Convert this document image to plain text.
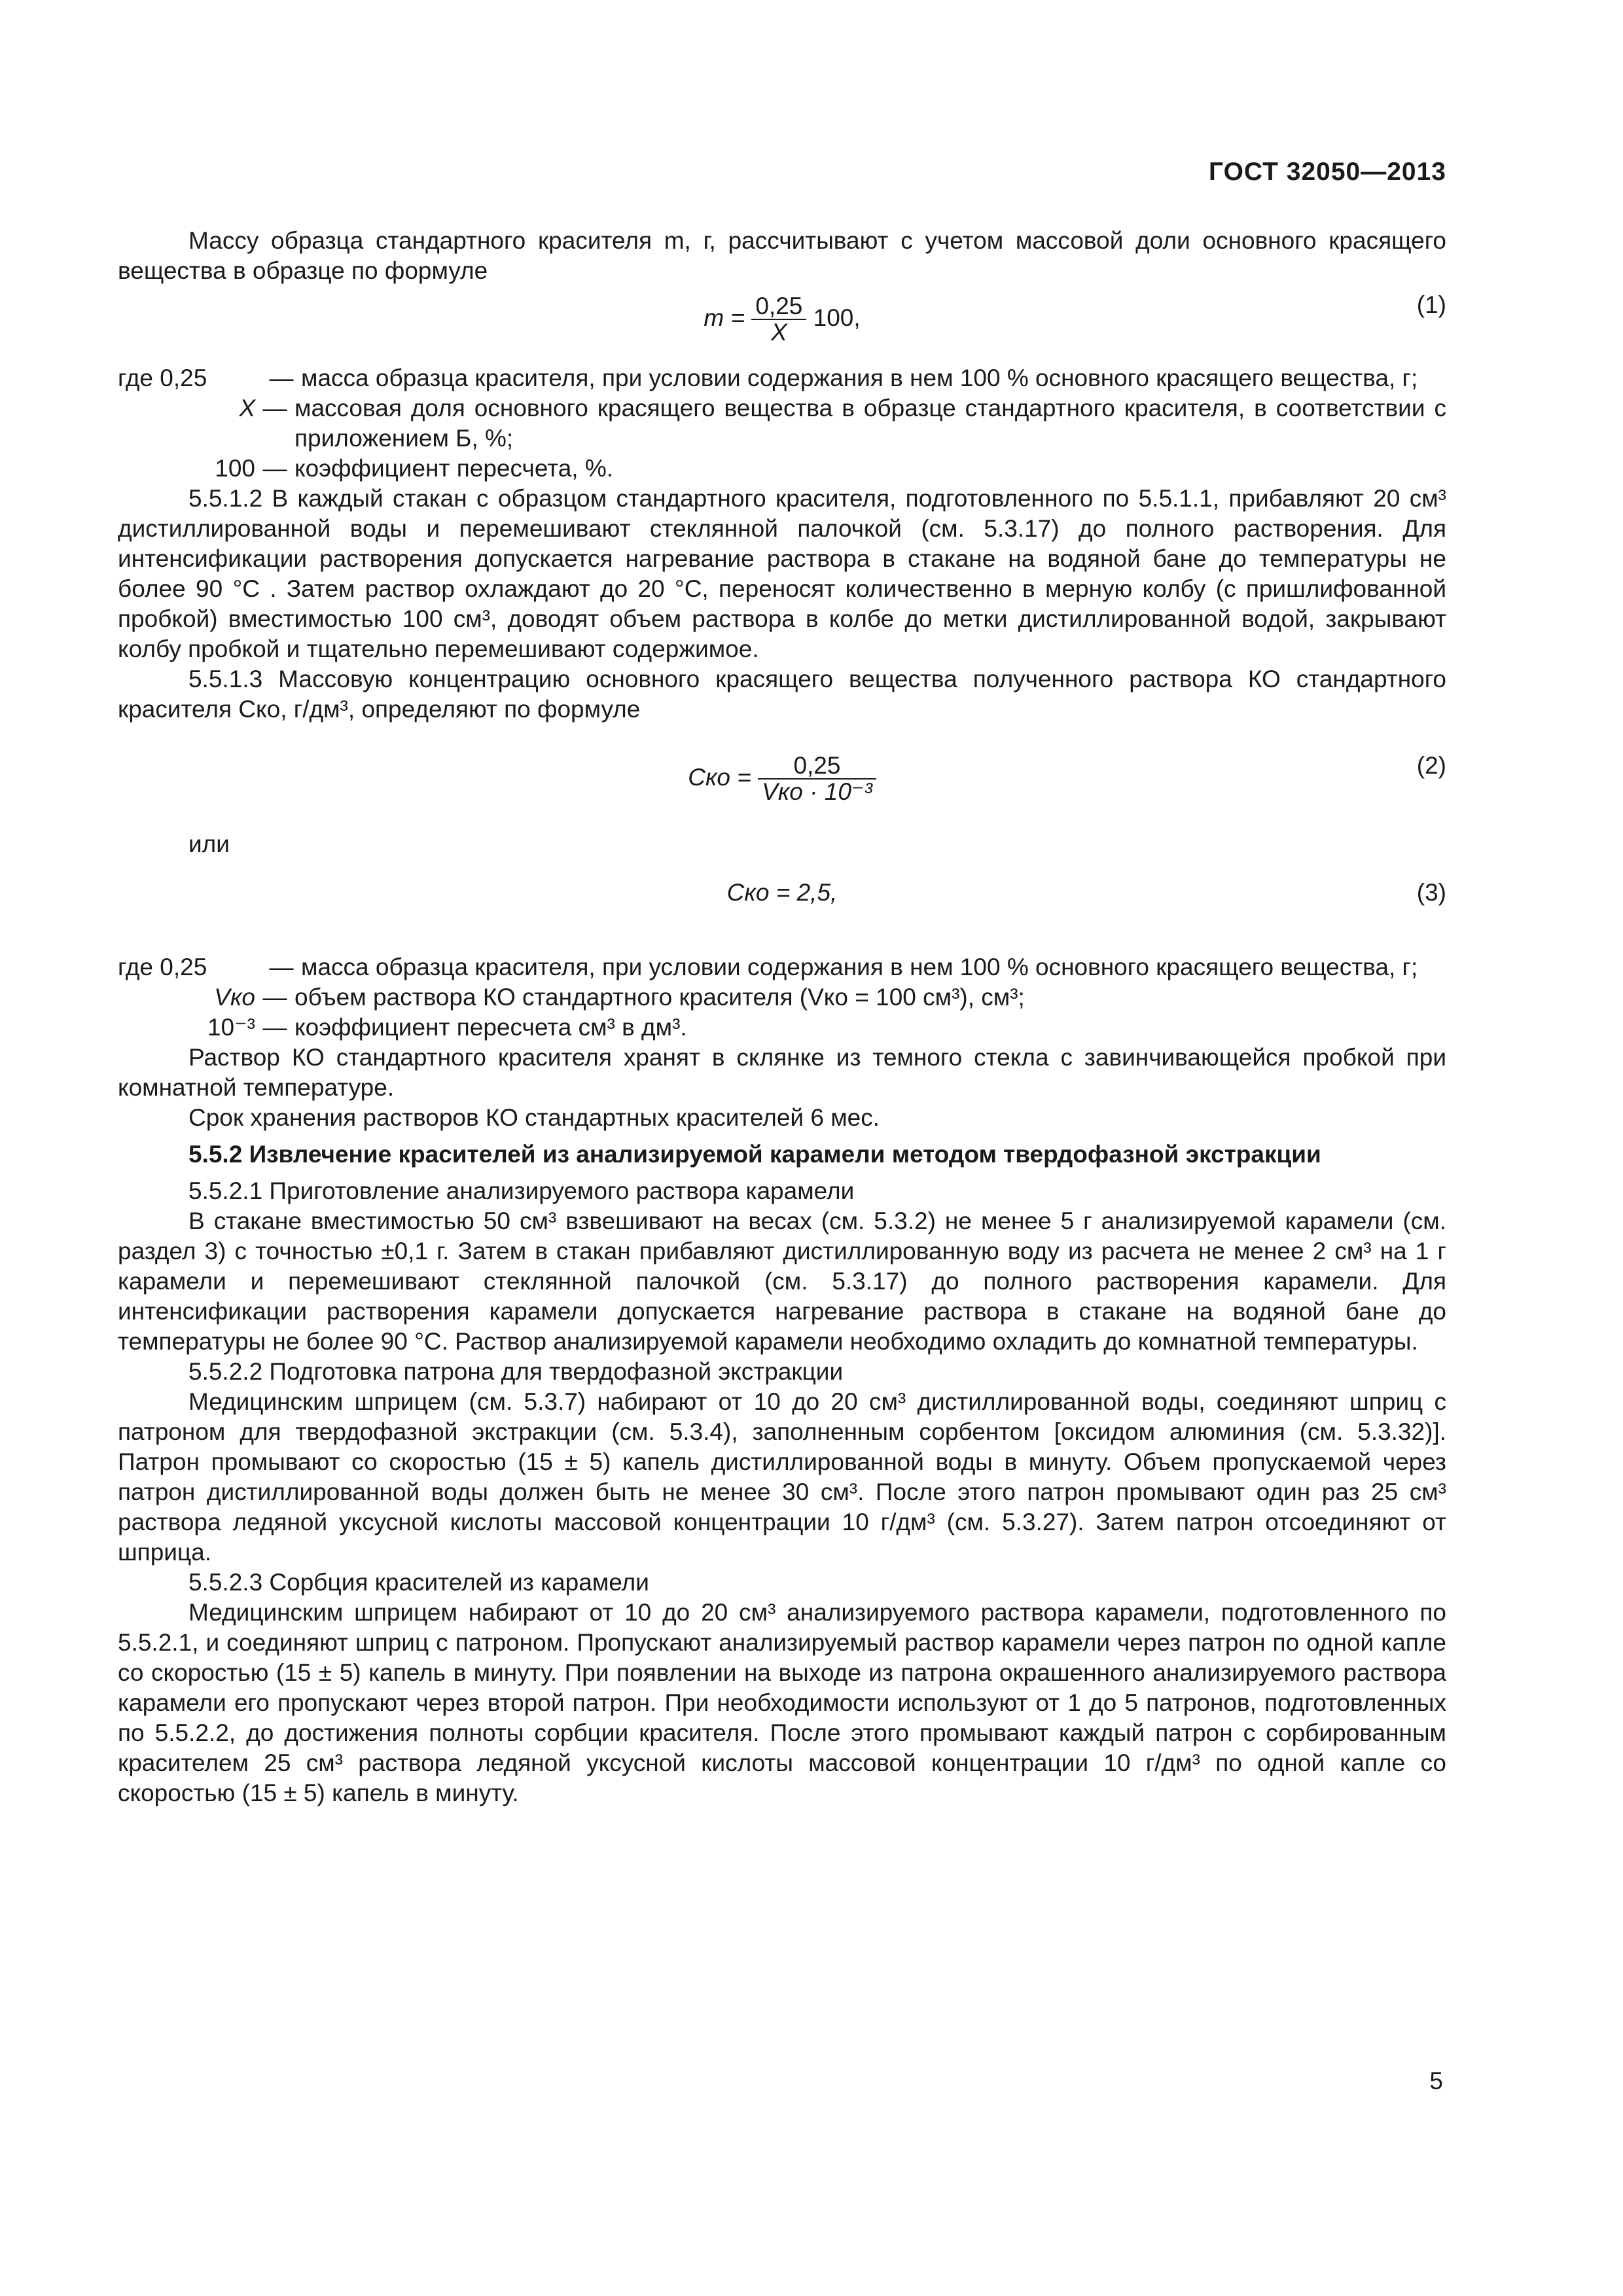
ГОСТ 32050—2013

Массу образца стандартного красителя m, г, рассчитывают с учетом массовой доли основного красящего вещества в образце по формуле

$m = \frac{0,25}{X} 100$,	(1)
где 0,25	— масса образца красителя, при условии содержания в нем 100 % основного красящего вещества, г;
X — массовая доля основного красящего вещества в образце стандартного красителя, в соответствии с приложением Б, %;
100 — коэффициент пересчета, %.

5.5.1.2 В каждый стакан с образцом стандартного красителя, подготовленного по 5.5.1.1, прибавляют 20 см³ дистиллированной воды и перемешивают стеклянной палочкой (см. 5.3.17) до полного растворения. Для интенсификации растворения допускается нагревание раствора в стакане на водяной бане до температуры не более 90 °С . Затем раствор охлаждают до 20 °С, переносят количественно в мерную колбу (с пришлифованной пробкой) вместимостью 100 см³, доводят объем раствора в колбе до метки дистиллированной водой, закрывают колбу пробкой и тщательно перемешивают содержимое.

5.5.1.3 Массовую концентрацию основного красящего вещества полученного раствора КО стандартного красителя Cко, г/дм³, определяют по формуле

Cко = $\frac{0,25}{\text{Vко · 10⁻³}}$	(2)

или

Cко = 2,5,	(3)
где 0,25	— масса образца красителя, при условии содержания в нем 100 % основного красящего вещества, г;
Vко — объем раствора КО стандартного красителя (Vко = 100 см³), см³;
10⁻³ — коэффициент пересчета см³ в дм³.

Раствор КО стандартного красителя хранят в склянке из темного стекла с завинчивающейся пробкой при комнатной температуре.

Срок хранения растворов КО стандартных красителей 6 мес.

5.5.2 Извлечение красителей из анализируемой карамели методом твердофазной экстракции

5.5.2.1 Приготовление анализируемого раствора карамели

В стакане вместимостью 50 см³ взвешивают на весах (см. 5.3.2) не менее 5 г анализируемой карамели (см. раздел 3) с точностью ±0,1 г. Затем в стакан прибавляют дистиллированную воду из расчета не менее 2 см³ на 1 г карамели и перемешивают стеклянной палочкой (см. 5.3.17) до полного растворения карамели. Для интенсификации растворения карамели допускается нагревание раствора в стакане на водяной бане до температуры не более 90 °С. Раствор анализируемой карамели необходимо охладить до комнатной температуры.

5.5.2.2 Подготовка патрона для твердофазной экстракции

Медицинским шприцем (см. 5.3.7) набирают от 10 до 20 см³ дистиллированной воды, соединяют шприц с патроном для твердофазной экстракции (см. 5.3.4), заполненным сорбентом [оксидом алюминия (см. 5.3.32)]. Патрон промывают со скоростью (15 ± 5) капель дистиллированной воды в минуту. Объем пропускаемой через патрон дистиллированной воды должен быть не менее 30 см³. После этого патрон промывают один раз 25 см³ раствора ледяной уксусной кислоты массовой концентрации 10 г/дм³ (см. 5.3.27). Затем патрон отсоединяют от шприца.

5.5.2.3 Сорбция красителей из карамели

Медицинским шприцем набирают от 10 до 20 см³ анализируемого раствора карамели, подготовленного по 5.5.2.1, и соединяют шприц с патроном. Пропускают анализируемый раствор карамели через патрон по одной капле со скоростью (15 ± 5) капель в минуту. При появлении на выходе из патрона окрашенного анализируемого раствора карамели его пропускают через второй патрон. При необходимости используют от 1 до 5 патронов, подготовленных по 5.5.2.2, до достижения полноты сорбции красителя. После этого промывают каждый патрон с сорбированным красителем 25 см³ раствора ледяной уксусной кислоты массовой концентрации 10 г/дм³ по одной капле со скоростью (15 ± 5) капель в минуту.

5
